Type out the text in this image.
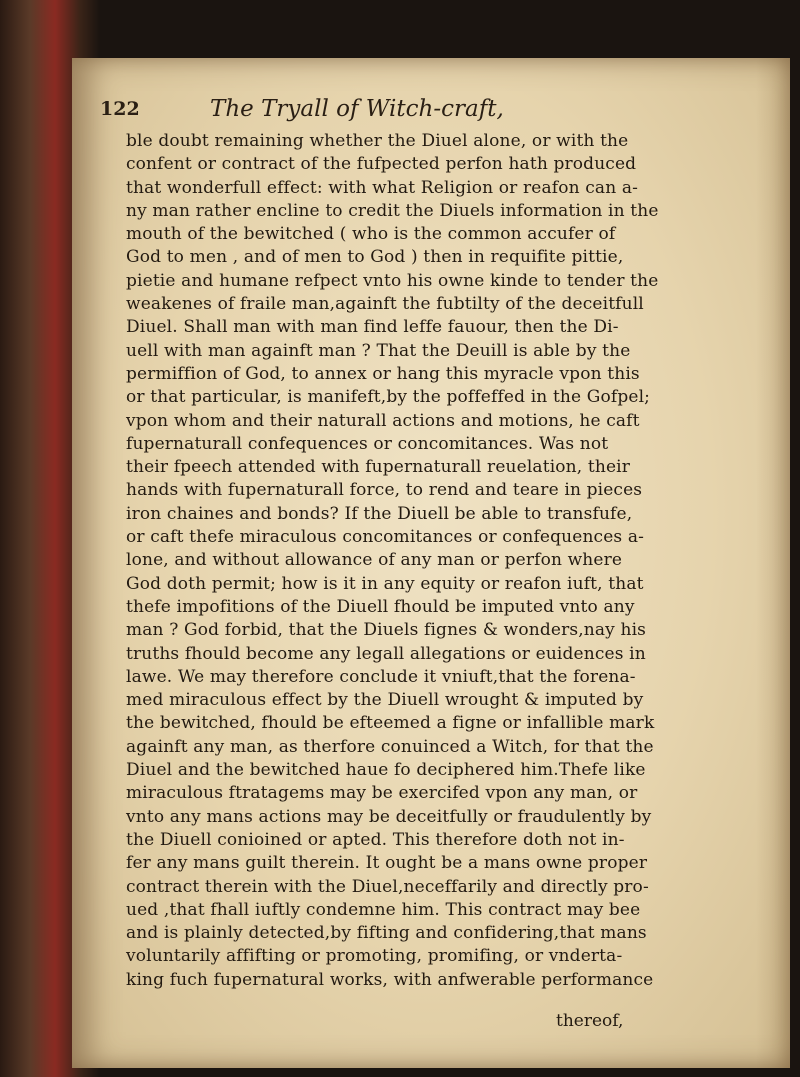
122	The Tryall of Witch-craft,
ble doubt remaining whether the Diuel alone, or with the
confent or contract of the fufpected perfon hath produced
that wonderfull effect: with what Religion or reafon can a-
ny man rather encline to credit the Diuels information in the
mouth of the bewitched ( who is the common accufer of
God to men , and of men to God ) then in requifite pittie,
pietie and humane refpect vnto his owne kinde to tender the
weakenes of fraile man,againft the fubtilty of the deceitfull
Diuel. Shall man with man find leffe fauour, then the Di-
uell with man againft man ? That the Deuill is able by the
permiffion of God, to annex or hang this myracle vpon this
or that particular, is manifeft,by the poffeffed in the Gofpel;
vpon whom and their naturall actions and motions, he caft
fupernaturall confequences or concomitances. Was not
their fpeech attended with fupernaturall reuelation, their
hands with fupernaturall force, to rend and teare in pieces
iron chaines and bonds? If the Diuell be able to transfufe,
or caft thefe miraculous concomitances or confequences a-
lone, and without allowance of any man or perfon where
God doth permit; how is it in any equity or reafon iuft, that
thefe impofitions of the Diuell fhould be imputed vnto any
man ? God forbid, that the Diuels fignes & wonders,nay his
truths fhould become any legall allegations or euidences in
lawe. We may therefore conclude it vniuft,that the forena-
med miraculous effect by the Diuell wrought & imputed by
the bewitched, fhould be efteemed a figne or infallible mark
againft any man, as therfore conuinced a Witch, for that the
Diuel and the bewitched haue fo deciphered him.Thefe like
miraculous ftratagems may be exercifed vpon any man, or
vnto any mans actions may be deceitfully or fraudulently by
the Diuell conioined or apted. This therefore doth not in-
fer any mans guilt therein. It ought be a mans owne proper
contract therein with the Diuel,neceffarily and directly pro-
ued ,that fhall iuftly condemne him. This contract may bee
and is plainly detected,by fifting and confidering,that mans
voluntarily affifting or promoting, promifing, or vnderta-
king fuch fupernatural works, with anfwerable performance
thereof,
